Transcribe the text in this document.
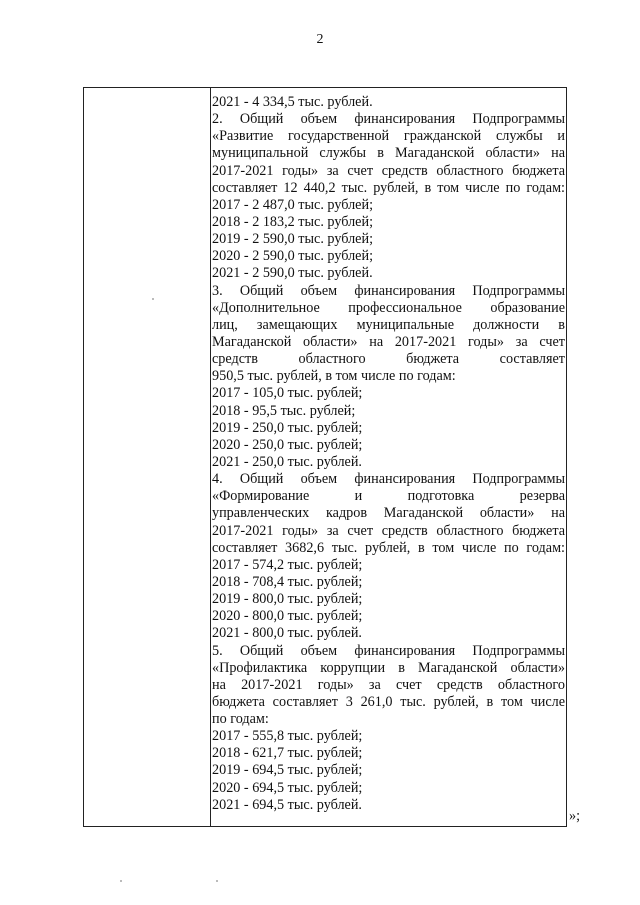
2
2021 - 4 334,5 тыс. рублей.
2. Общий объем финансирования Подпрограммы
«Развитие государственной гражданской службы и
муниципальной службы в Магаданской области» на
2017-2021 годы» за счет средств областного бюджета
составляет 12 440,2 тыс. рублей, в том числе по годам:
2017 - 2 487,0 тыс. рублей;
2018 - 2 183,2 тыс. рублей;
2019 - 2 590,0 тыс. рублей;
2020 - 2 590,0 тыс. рублей;
2021 - 2 590,0 тыс. рублей.
3. Общий объем финансирования Подпрограммы
«Дополнительное профессиональное образование
лиц, замещающих муниципальные должности в
Магаданской области» на 2017-2021 годы» за счет
средств областного бюджета составляет
950,5 тыс. рублей, в том числе по годам:
2017 - 105,0 тыс. рублей;
2018 - 95,5 тыс. рублей;
2019 - 250,0 тыс. рублей;
2020 - 250,0 тыс. рублей;
2021 - 250,0 тыс. рублей.
4. Общий объем финансирования Подпрограммы
«Формирование и подготовка резерва
управленческих кадров Магаданской области» на
2017-2021 годы» за счет средств областного бюджета
составляет 3682,6 тыс. рублей, в том числе по годам:
2017 - 574,2 тыс. рублей;
2018 - 708,4 тыс. рублей;
2019 - 800,0 тыс. рублей;
2020 - 800,0 тыс. рублей;
2021 - 800,0 тыс. рублей.
5. Общий объем финансирования Подпрограммы
«Профилактика коррупции в Магаданской области»
на 2017-2021 годы» за счет средств областного
бюджета составляет 3 261,0 тыс. рублей, в том числе
по годам:
2017 - 555,8 тыс. рублей;
2018 - 621,7 тыс. рублей;
2019 - 694,5 тыс. рублей;
2020 - 694,5 тыс. рублей;
2021 - 694,5 тыс. рублей.
»;
